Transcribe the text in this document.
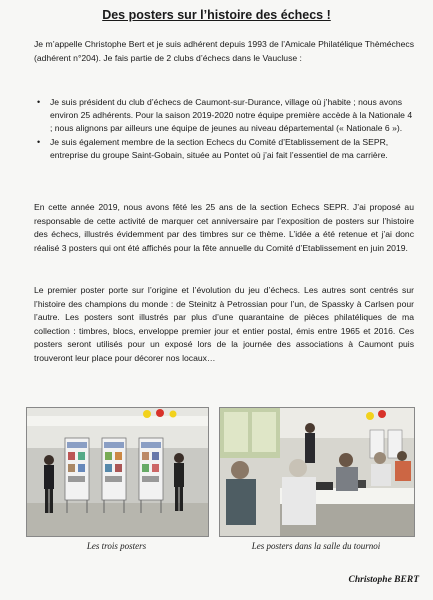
Des posters sur l’histoire des échecs !
Je m’appelle Christophe Bert et je suis adhérent depuis 1993 de l’Amicale Philatélique Thèméchecs (adhérent n°204). Je fais partie de 2 clubs d’échecs dans le Vaucluse :
• Je suis président du club d’échecs de Caumont-sur-Durance, village où j’habite ; nous avons environ 25 adhérents. Pour la saison 2019-2020 notre équipe première accède à la Nationale 4 ; nous alignons par ailleurs une équipe de jeunes au niveau départemental (« Nationale 6 »).
• Je suis également membre de la section Echecs du Comité d’Etablissement de la SEPR, entreprise du groupe Saint-Gobain, située au Pontet où j’ai fait l’essentiel de ma carrière.
En cette année 2019, nous avons fêté les 25 ans de la section Echecs SEPR. J’ai proposé au responsable de cette activité de marquer cet anniversaire par l’exposition de posters sur l’histoire des échecs, illustrés évidemment par des timbres sur ce thème. L’idée a été retenue et j’ai donc réalisé 3 posters qui ont été affichés pour la fête annuelle du Comité d’Etablissement en juin 2019.
Le premier poster porte sur l’origine et l’évolution du jeu d’échecs. Les autres sont centrés sur l’histoire des champions du monde : de Steinitz à Petrossian pour l’un, de Spassky à Carlsen pour l’autre. Les posters sont illustrés par plus d’une quarantaine de pièces philatéliques de ma collection : timbres, blocs, enveloppe premier jour et entier postal, émis entre 1965 et 2016. Ces posters seront utilisés pour un exposé lors de la journée des associations à Caumont puis trouveront leur place pour décorer nos locaux…
Les trois posters	Les posters dans la salle du tournoi
Christophe BERT
